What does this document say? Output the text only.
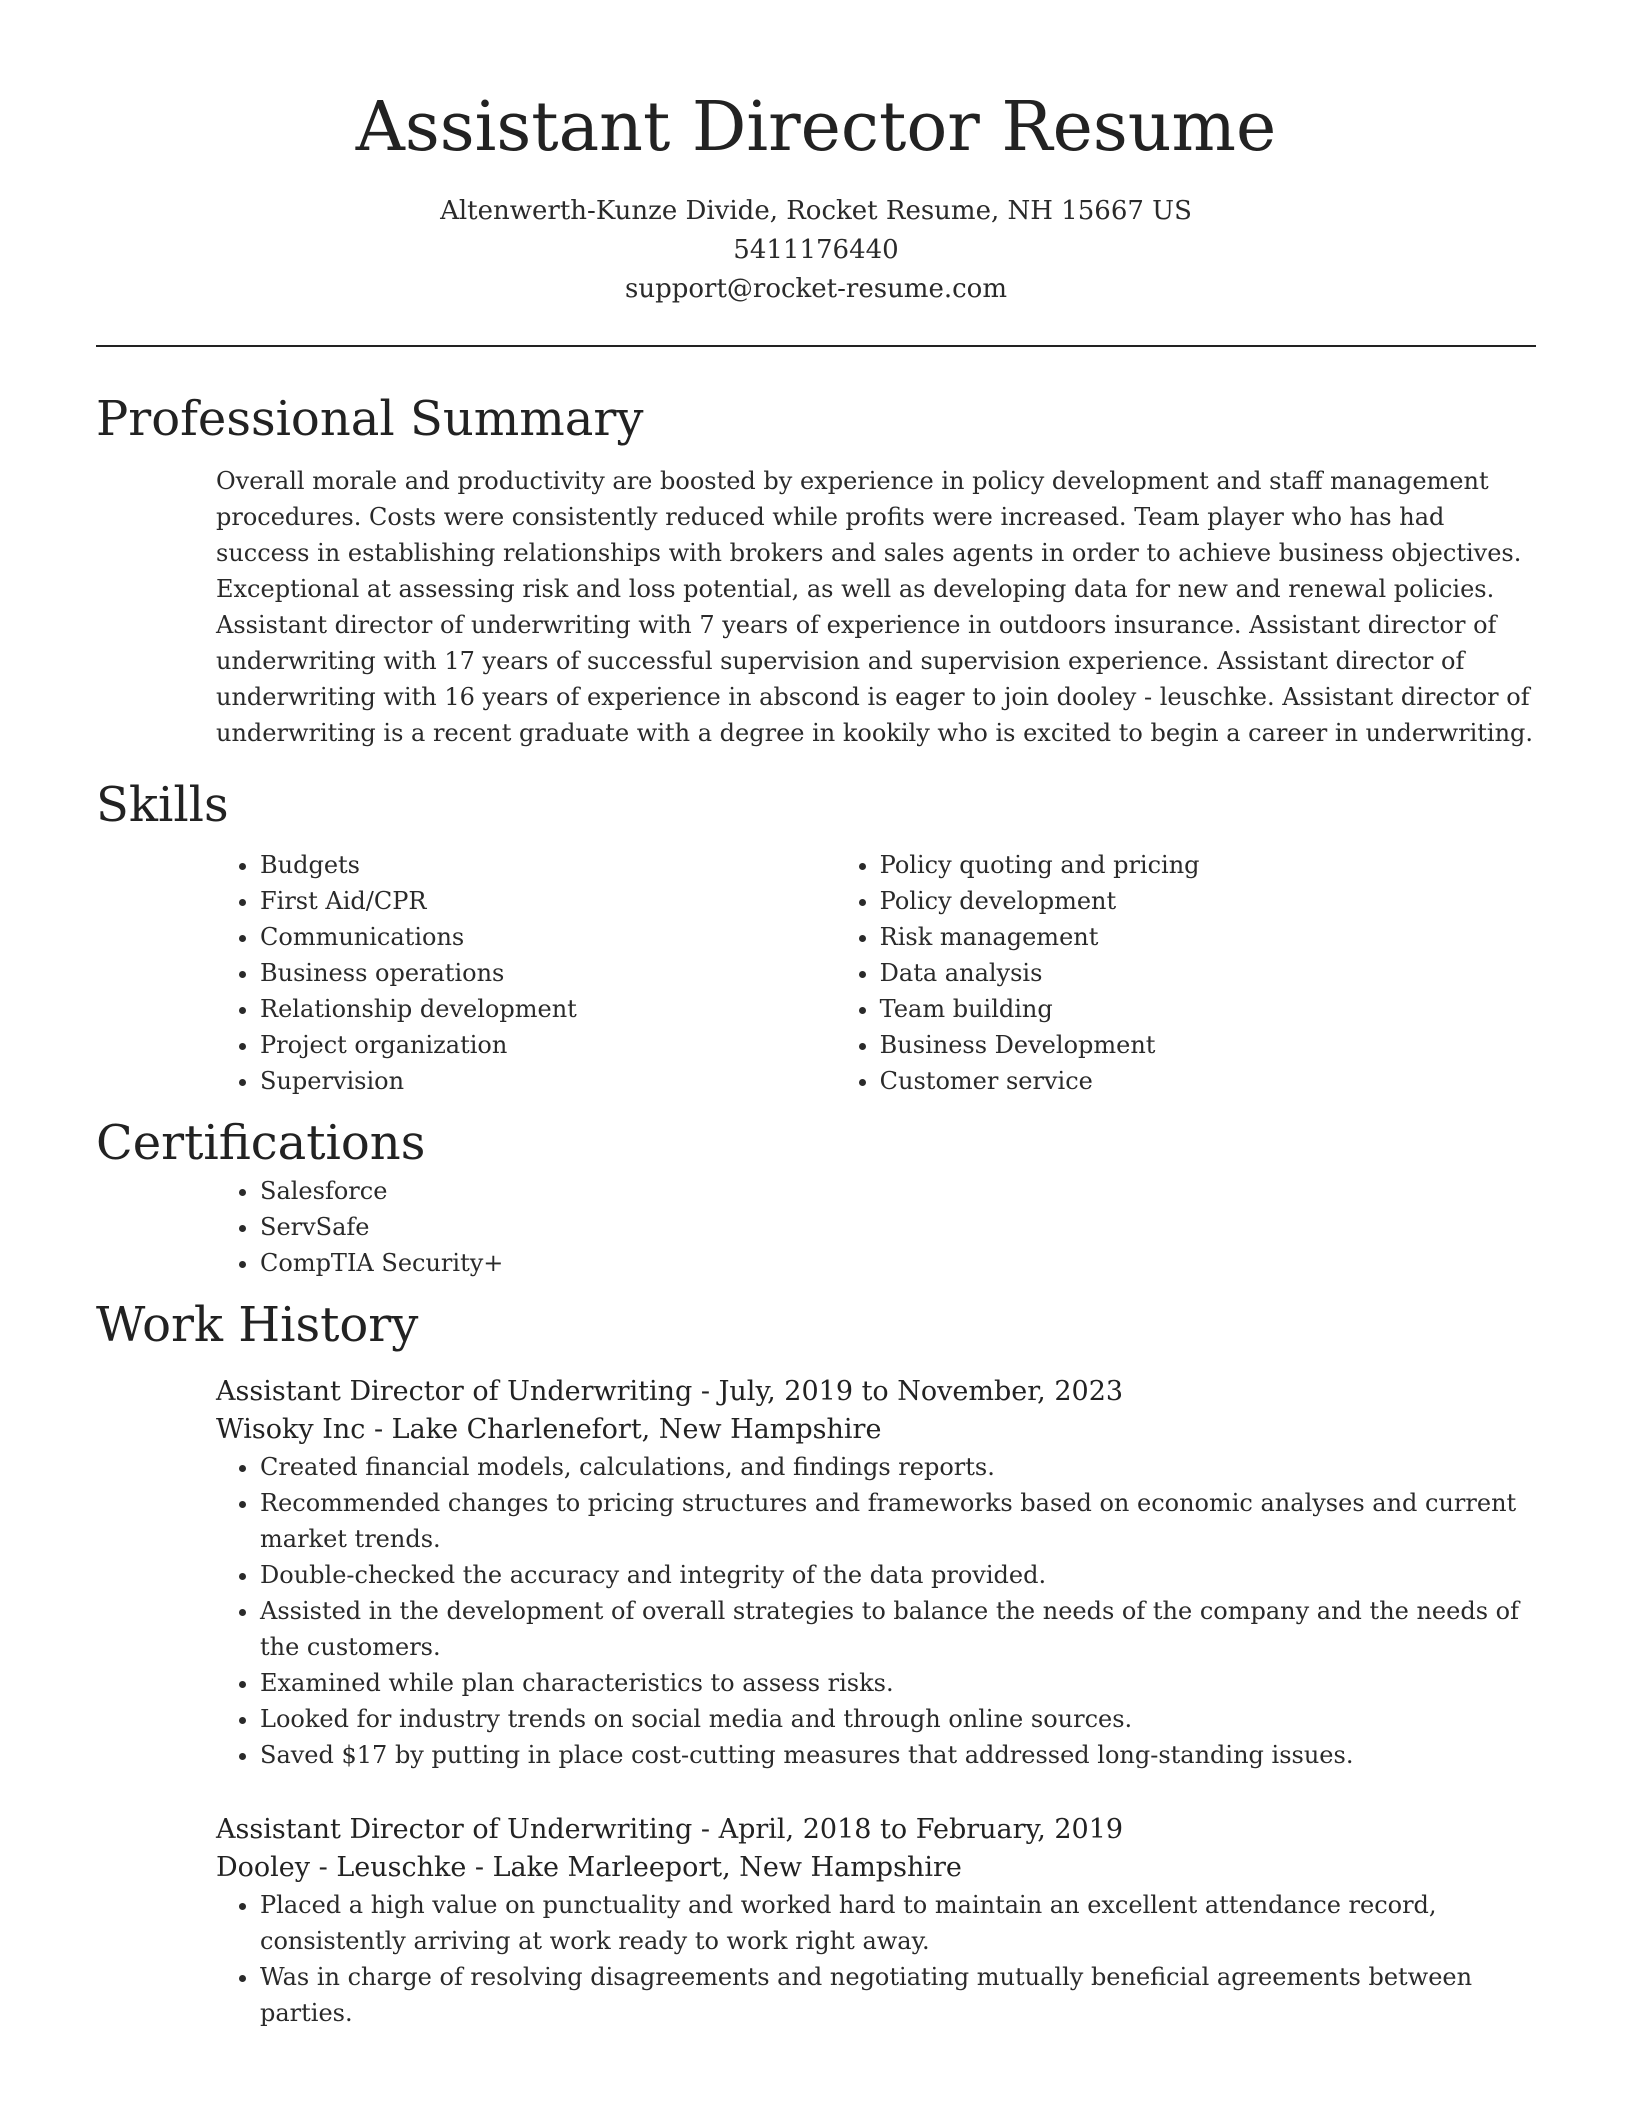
Assistant Director Resume
Altenwerth-Kunze Divide, Rocket Resume, NH 15667 US
5411176440
support@rocket-resume.com
Professional Summary

Overall morale and productivity are boosted by experience in policy development and staff management procedures. Costs were consistently reduced while profits were increased. Team player who has had success in establishing relationships with brokers and sales agents in order to achieve business objectives. Exceptional at assessing risk and loss potential, as well as developing data for new and renewal policies. Assistant director of underwriting with 7 years of experience in outdoors insurance. Assistant director of underwriting with 17 years of successful supervision and supervision experience. Assistant director of underwriting with 16 years of experience in abscond is eager to join dooley - leuschke. Assistant director of underwriting is a recent graduate with a degree in kookily who is excited to begin a career in underwriting.

Skills
• Budgets
• First Aid/CPR
• Communications
• Business operations
• Relationship development
• Project organization
• Supervision
• Policy quoting and pricing
• Policy development
• Risk management
• Data analysis
• Team building
• Business Development
• Customer service
Certifications
• Salesforce
• ServSafe
• CompTIA Security+
Work History
Assistant Director of Underwriting - July, 2019 to November, 2023
Wisoky Inc - Lake Charlenefort, New Hampshire
• Created financial models, calculations, and findings reports.
• Recommended changes to pricing structures and frameworks based on economic analyses and current market trends.
• Double-checked the accuracy and integrity of the data provided.
• Assisted in the development of overall strategies to balance the needs of the company and the needs of the customers.
• Examined while plan characteristics to assess risks.
• Looked for industry trends on social media and through online sources.
• Saved $17 by putting in place cost-cutting measures that addressed long-standing issues.
Assistant Director of Underwriting - April, 2018 to February, 2019
Dooley - Leuschke - Lake Marleeport, New Hampshire
• Placed a high value on punctuality and worked hard to maintain an excellent attendance record, consistently arriving at work ready to work right away.
• Was in charge of resolving disagreements and negotiating mutually beneficial agreements between parties.
